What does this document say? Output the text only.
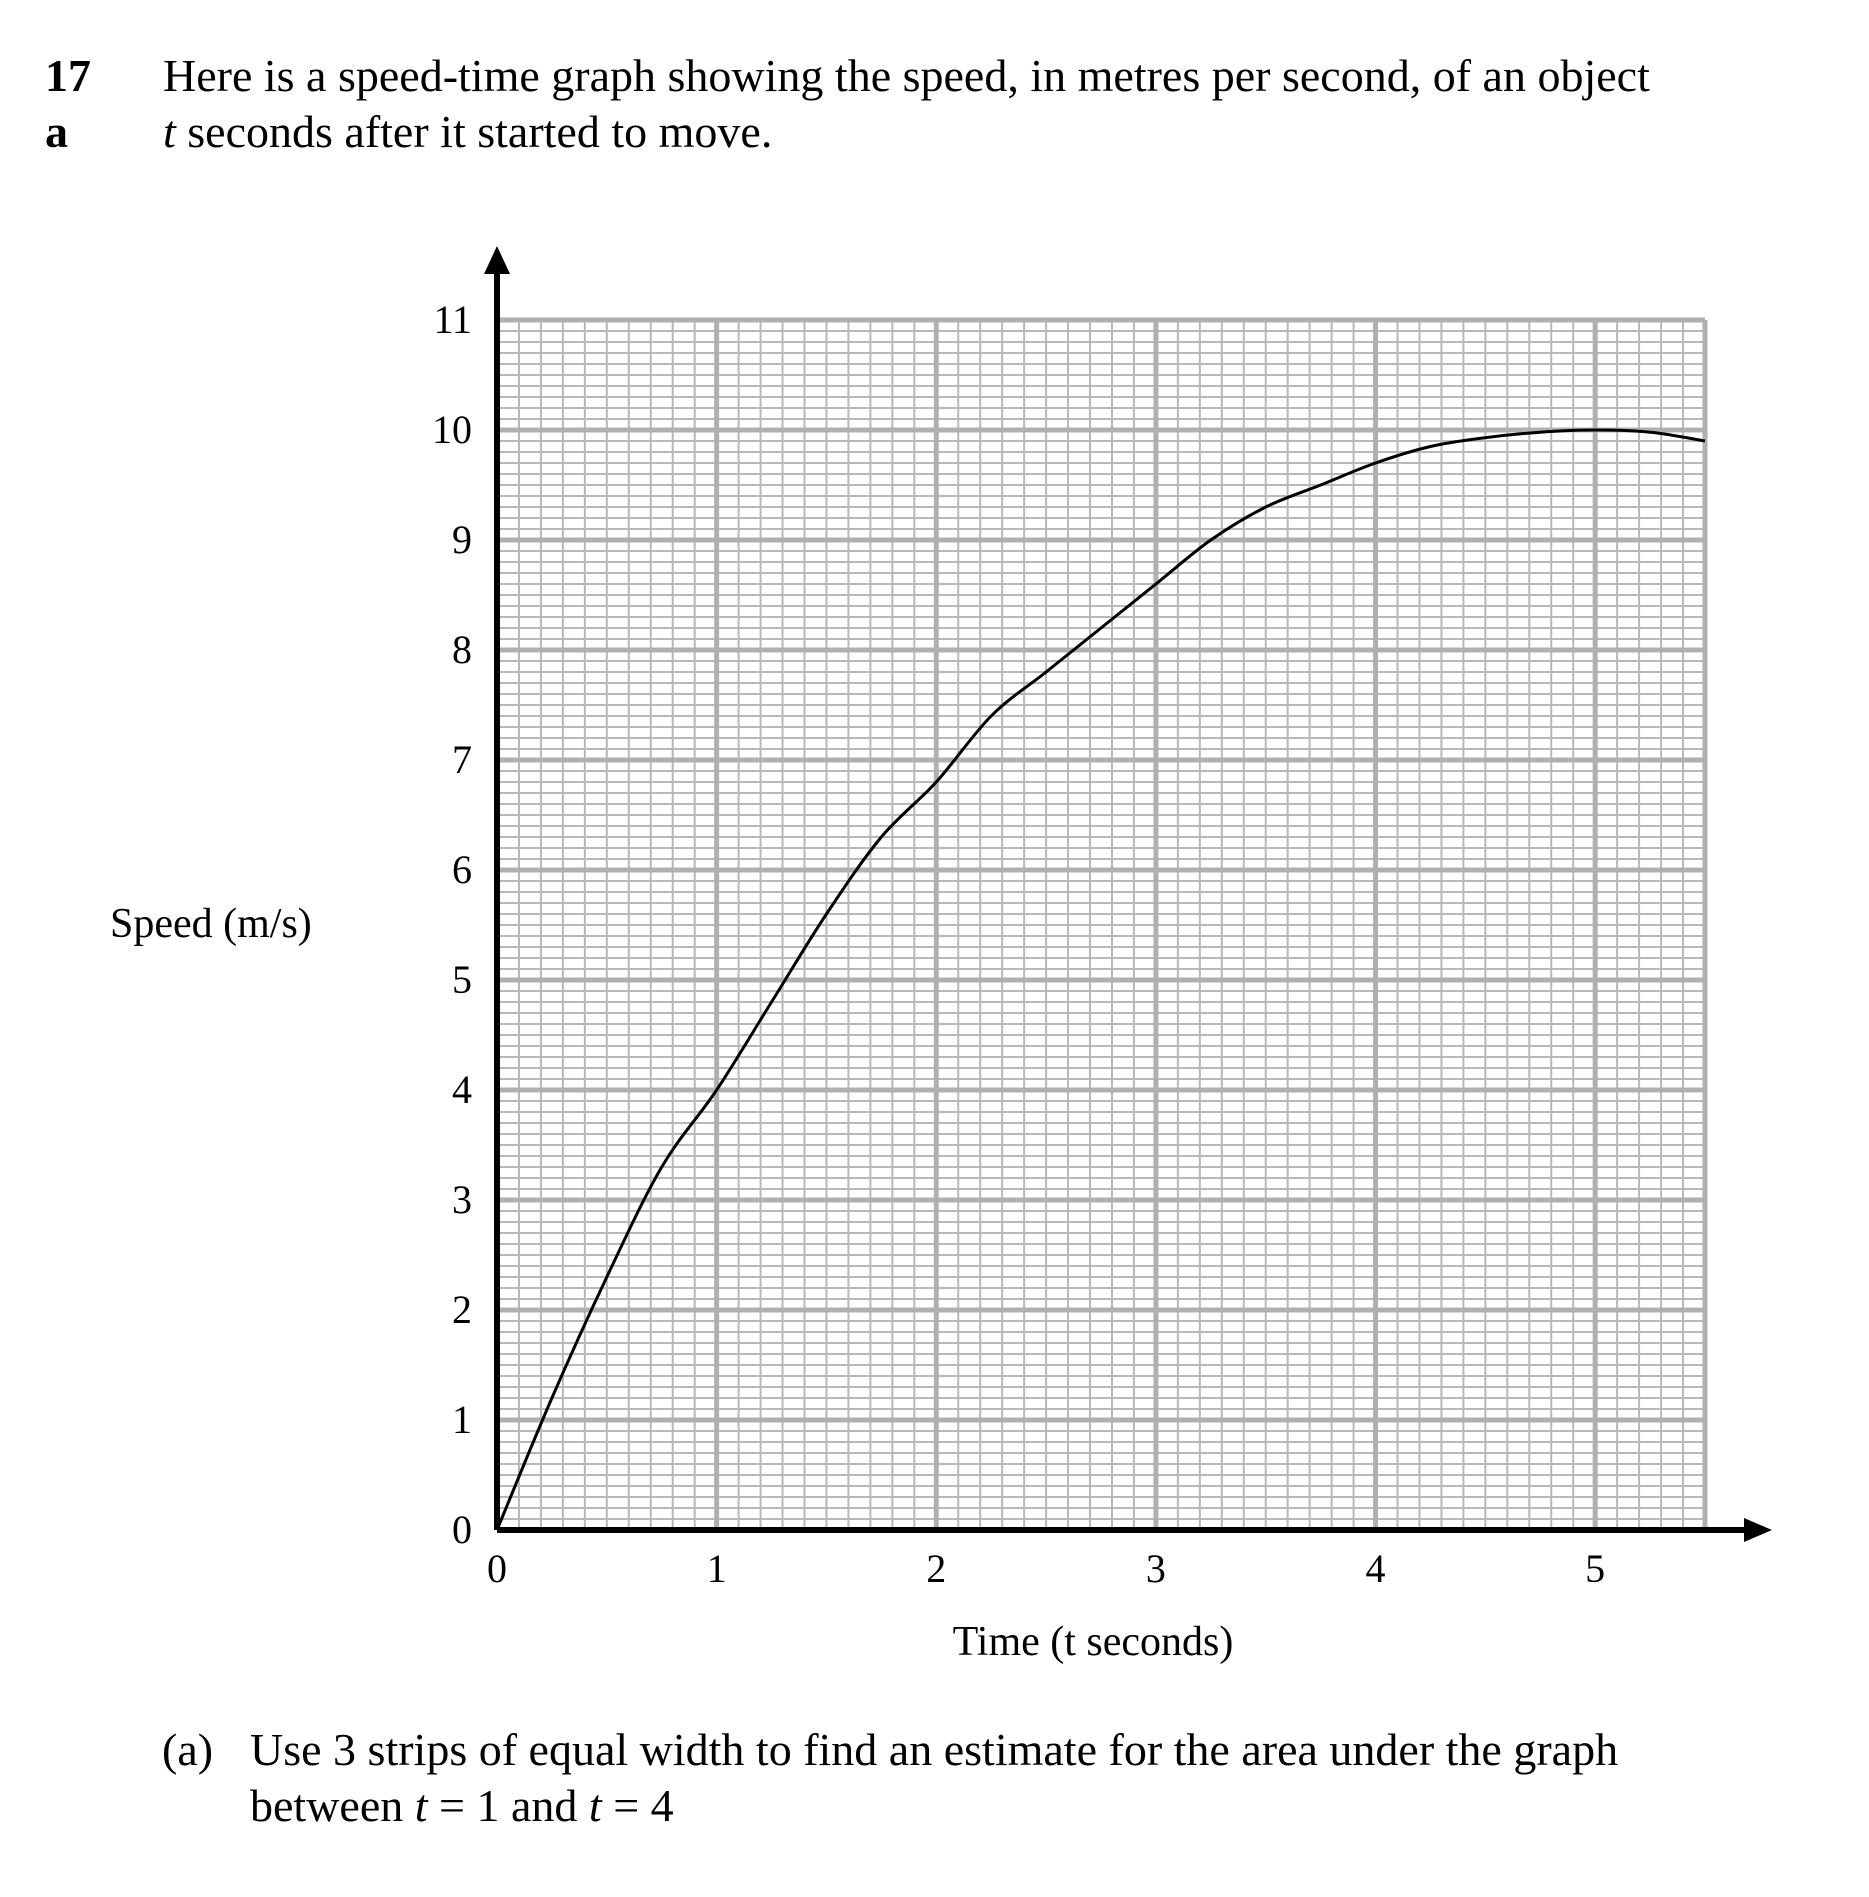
17 a

Here is a speed-time graph showing the speed, in metres per second, of an object

t seconds after it started to move.

0
1
2
3
4
5
6
7
8
9
10
11
0	1	2	3	4	5
Speed (m/s)
Time (t seconds)
(a) Use 3 strips of equal width to find an estimate for the area under the graph

between t = 1 and t = 4
